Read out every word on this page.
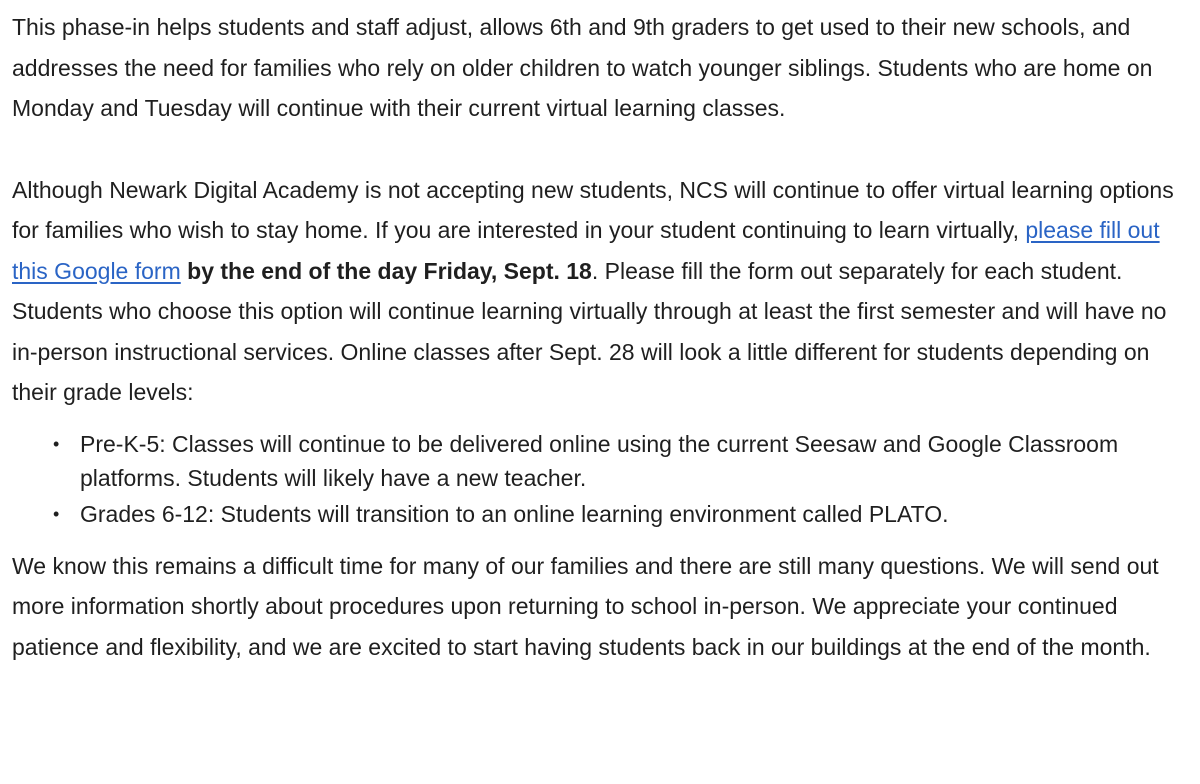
This phase-in helps students and staff adjust, allows 6th and 9th graders to get used to their new schools, and addresses the need for families who rely on older children to watch younger siblings. Students who are home on Monday and Tuesday will continue with their current virtual learning classes.

Although Newark Digital Academy is not accepting new students, NCS will continue to offer virtual learning options for families who wish to stay home. If you are interested in your student continuing to learn virtually, please fill out this Google form by the end of the day Friday, Sept. 18. Please fill the form out separately for each student. Students who choose this option will continue learning virtually through at least the first semester and will have no in-person instructional services. Online classes after Sept. 28 will look a little different for students depending on their grade levels:

• Pre-K-5: Classes will continue to be delivered online using the current Seesaw and Google Classroom platforms. Students will likely have a new teacher.
• Grades 6-12: Students will transition to an online learning environment called PLATO.

We know this remains a difficult time for many of our families and there are still many questions. We will send out more information shortly about procedures upon returning to school in-person. We appreciate your continued patience and flexibility, and we are excited to start having students back in our buildings at the end of the month.
